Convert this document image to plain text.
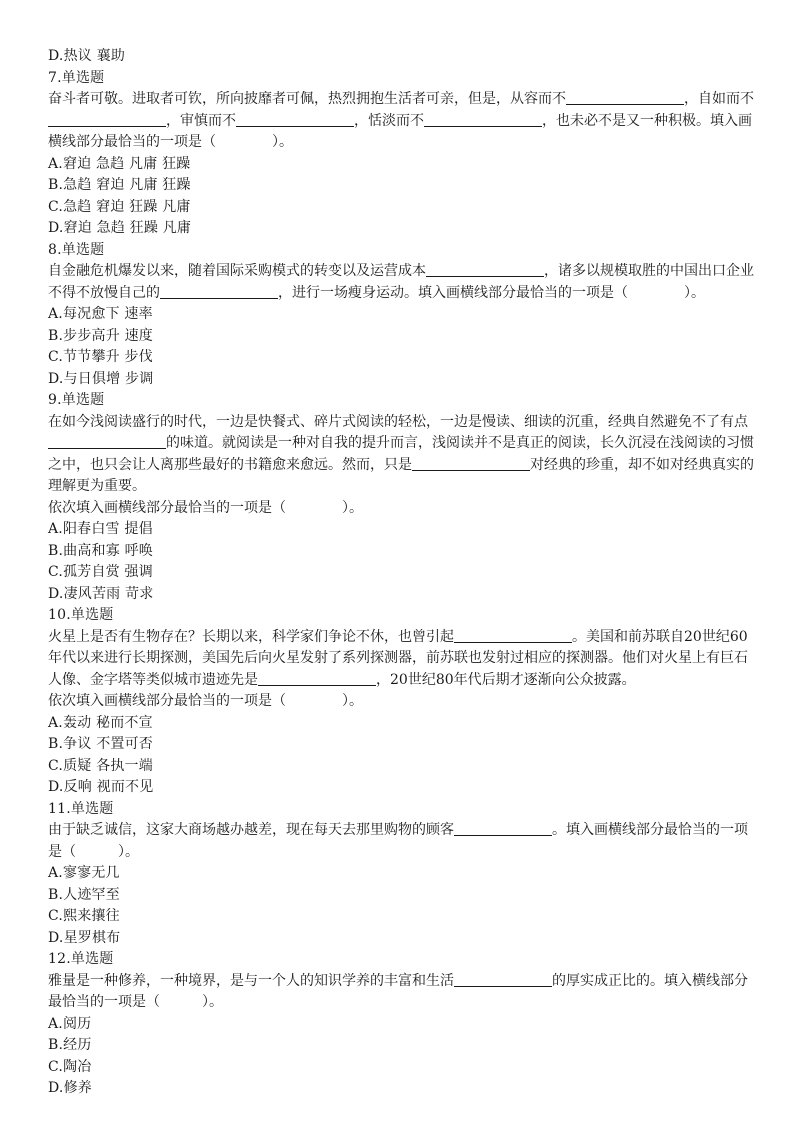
D.热议 襄助
7.单选题
奋斗者可敬。进取者可钦，所向披靡者可佩，热烈拥抱生活者可亲，但是，从容而不	，自如而不，审慎而不	，恬淡而不	，也未必不是又一种积极。填入画横线部分最恰当的一项是（　　　　）。
A.窘迫 急趋 凡庸 狂躁
B.急趋 窘迫 凡庸 狂躁
C.急趋 窘迫 狂躁 凡庸
D.窘迫 急趋 狂躁 凡庸
8.单选题
自金融危机爆发以来，随着国际采购模式的转变以及运营成本	，诸多以规模取胜的中国出口企业不得不放慢自己的	，进行一场瘦身运动。填入画横线部分最恰当的一项是（　　　　）。
A.每况愈下 速率
B.步步高升 速度
C.节节攀升 步伐
D.与日俱增 步调
9.单选题
在如今浅阅读盛行的时代，一边是快餐式、碎片式阅读的轻松，一边是慢读、细读的沉重，经典自然避免不了有点的味道。就阅读是一种对自我的提升而言，浅阅读并不是真正的阅读，长久沉浸在浅阅读的习惯之中，也只会让人离那些最好的书籍愈来愈远。然而，只是	对经典的珍重，却不如对经典真实的理解更为重要。
依次填入画横线部分最恰当的一项是（　　　　）。
A.阳春白雪 提倡
B.曲高和寡 呼唤
C.孤芳自赏 强调
D.凄风苦雨 苛求
10.单选题
火星上是否有生物存在？长期以来，科学家们争论不休，也曾引起	。美国和前苏联自20世纪60年代以来进行长期探测，美国先后向火星发射了系列探测器，前苏联也发射过相应的探测器。他们对火星上有巨石人像、金字塔等类似城市遗迹先是	，20世纪80年代后期才逐渐向公众披露。
依次填入画横线部分最恰当的一项是（　　　　）。
A.轰动 秘而不宣
B.争议 不置可否
C.质疑 各执一端
D.反响 视而不见
11.单选题
由于缺乏诚信，这家大商场越办越差，现在每天去那里购物的顾客	。填入画横线部分最恰当的一项是（　　　）。
A.寥寥无几
B.人迹罕至
C.熙来攘往
D.星罗棋布
12.单选题
雅量是一种修养，一种境界，是与一个人的知识学养的丰富和生活	的厚实成正比的。填入横线部分最恰当的一项是（　　　）。
A.阅历
B.经历
C.陶冶
D.修养
